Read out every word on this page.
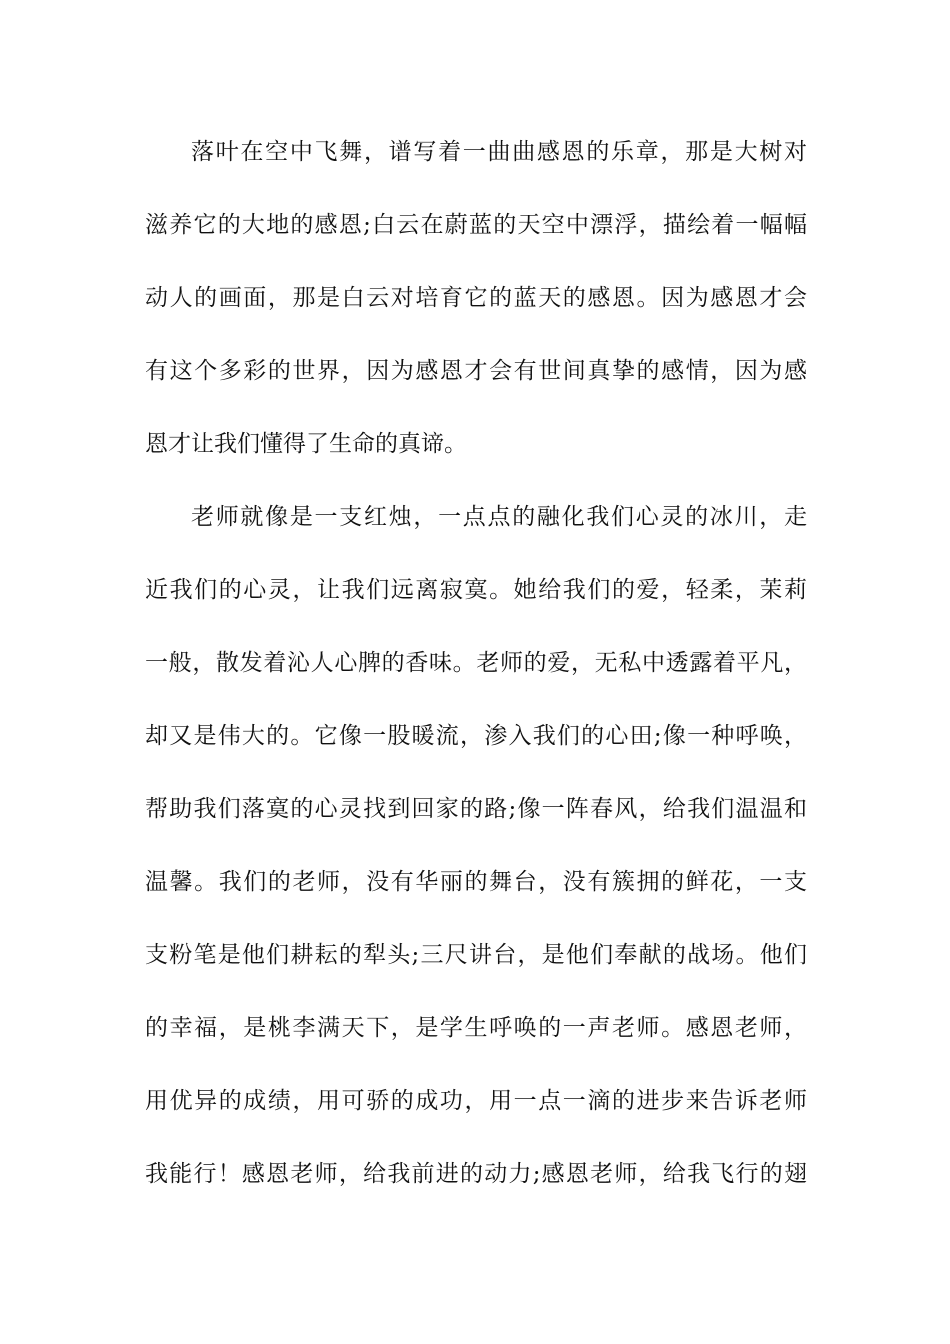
落叶在空中飞舞，谱写着一曲曲感恩的乐章，那是大树对
滋养它的大地的感恩;白云在蔚蓝的天空中漂浮，描绘着一幅幅
动人的画面，那是白云对培育它的蓝天的感恩。因为感恩才会
有这个多彩的世界，因为感恩才会有世间真挚的感情，因为感
恩才让我们懂得了生命的真谛。
老师就像是一支红烛，一点点的融化我们心灵的冰川，走
近我们的心灵，让我们远离寂寞。她给我们的爱，轻柔，茉莉
一般，散发着沁人心脾的香味。老师的爱，无私中透露着平凡，
却又是伟大的。它像一股暖流，渗入我们的心田;像一种呼唤，
帮助我们落寞的心灵找到回家的路;像一阵春风，给我们温温和
温馨。我们的老师，没有华丽的舞台，没有簇拥的鲜花，一支
支粉笔是他们耕耘的犁头;三尺讲台，是他们奉献的战场。他们
的幸福，是桃李满天下，是学生呼唤的一声老师。感恩老师，
用优异的成绩，用可骄的成功，用一点一滴的进步来告诉老师
我能行！感恩老师，给我前进的动力;感恩老师，给我飞行的翅
